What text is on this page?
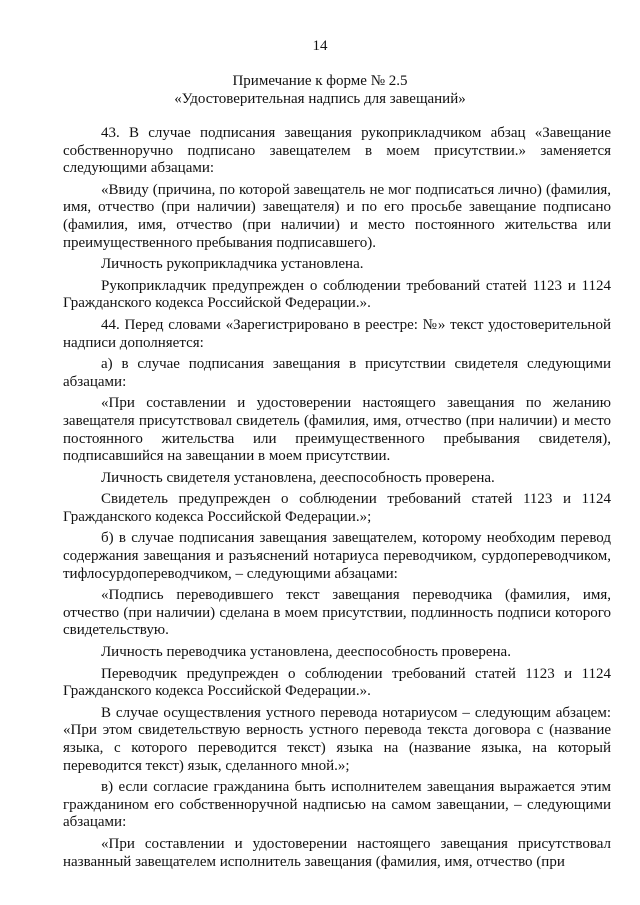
14
Примечание к форме № 2.5
«Удостоверительная надпись для завещаний»

43. В случае подписания завещания рукоприкладчиком абзац «Завещание собственноручно подписано завещателем в моем присутствии.» заменяется следующими абзацами:

«Ввиду (причина, по которой завещатель не мог подписаться лично) (фамилия, имя, отчество (при наличии) завещателя) и по его просьбе завещание подписано (фамилия, имя, отчество (при наличии) и место постоянного жительства или преимущественного пребывания подписавшего).

Личность рукоприкладчика установлена.

Рукоприкладчик предупрежден о соблюдении требований статей 1123 и 1124 Гражданского кодекса Российской Федерации.».

44. Перед словами «Зарегистрировано в реестре: №» текст удостоверительной надписи дополняется:

а) в случае подписания завещания в присутствии свидетеля следующими абзацами:

«При составлении и удостоверении настоящего завещания по желанию завещателя присутствовал свидетель (фамилия, имя, отчество (при наличии) и место постоянного жительства или преимущественного пребывания свидетеля), подписавшийся на завещании в моем присутствии.

Личность свидетеля установлена, дееспособность проверена.

Свидетель предупрежден о соблюдении требований статей 1123 и 1124 Гражданского кодекса Российской Федерации.»;

б) в случае подписания завещания завещателем, которому необходим перевод содержания завещания и разъяснений нотариуса переводчиком, сурдопереводчиком, тифлосурдопереводчиком, – следующими абзацами:

«Подпись переводившего текст завещания переводчика (фамилия, имя, отчество (при наличии) сделана в моем присутствии, подлинность подписи которого свидетельствую.

Личность переводчика установлена, дееспособность проверена.

Переводчик предупрежден о соблюдении требований статей 1123 и 1124 Гражданского кодекса Российской Федерации.».

В случае осуществления устного перевода нотариусом – следующим абзацем: «При этом свидетельствую верность устного перевода текста договора с (название языка, с которого переводится текст) языка на (название языка, на который переводится текст) язык, сделанного мной.»;

в) если согласие гражданина быть исполнителем завещания выражается этим гражданином его собственноручной надписью на самом завещании, – следующими абзацами:

«При составлении и удостоверении настоящего завещания присутствовал названный завещателем исполнитель завещания (фамилия, имя, отчество (при
